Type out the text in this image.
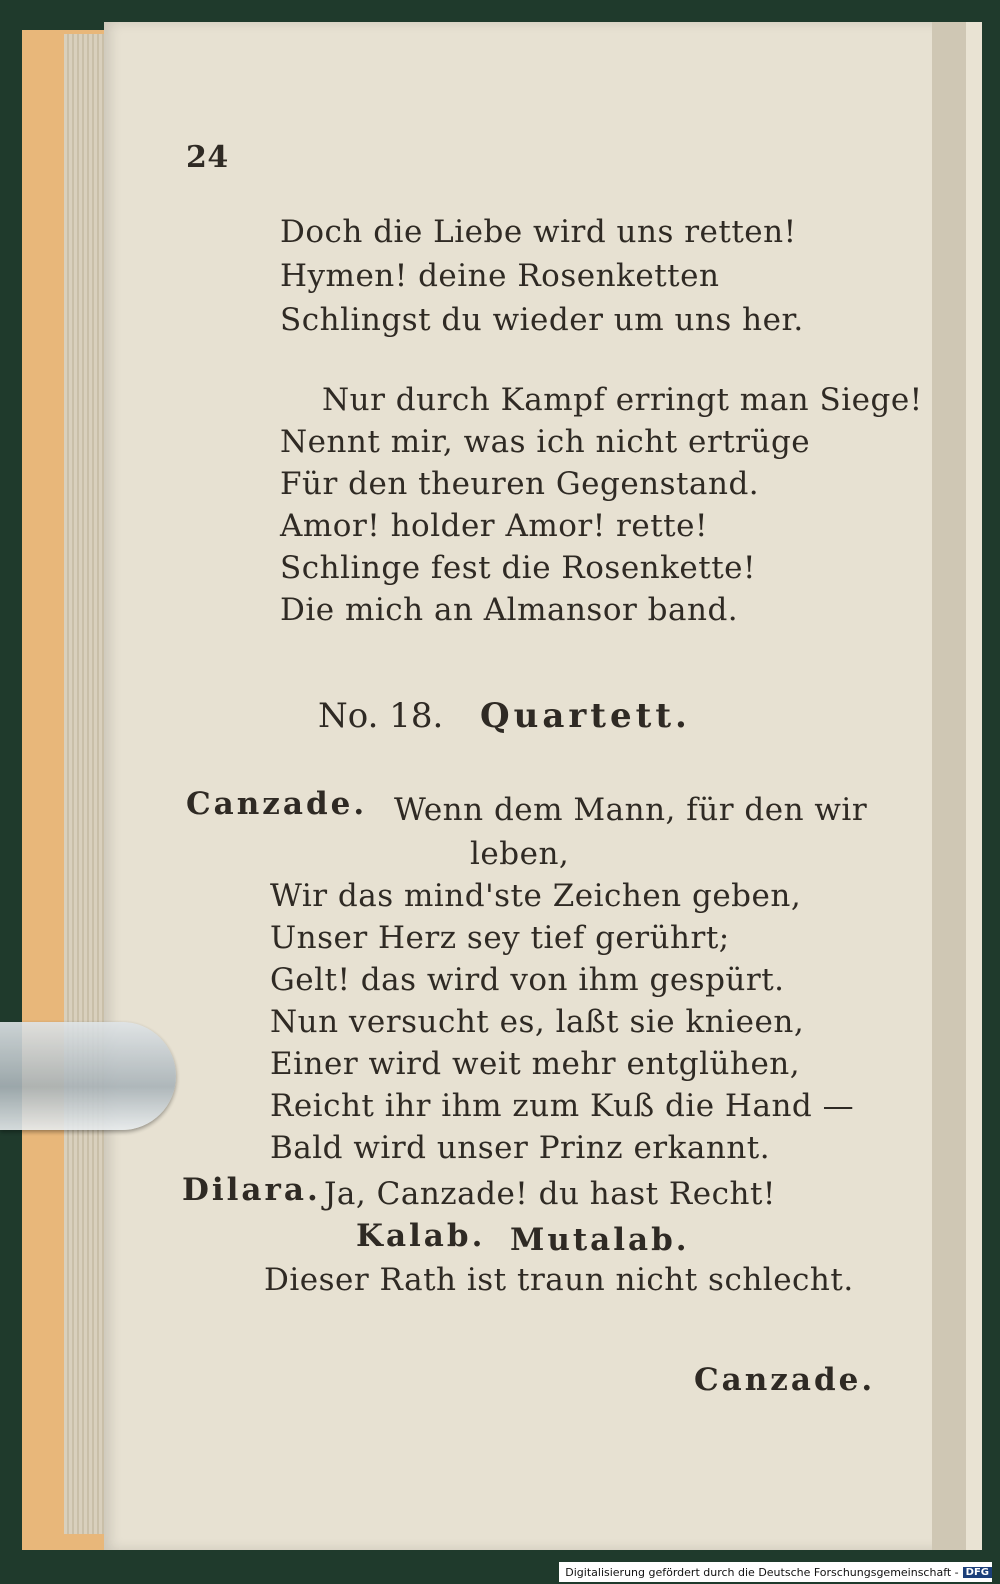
24
Doch die Liebe wird uns retten!
Hymen! deine Rosenketten
Schlingst du wieder um uns her.
Nur durch Kampf erringt man Siege!
Nennt mir, was ich nicht ertrüge
Für den theuren Gegenstand.
Amor! holder Amor! rette!
Schlinge fest die Rosenkette!
Die mich an Almansor band.
No. 18. Quartett.
Canzade. Wenn dem Mann, für den wir
leben,
Wir das mind'ste Zeichen geben,
Unser Herz sey tief gerührt;
Gelt! das wird von ihm gespürt.
Nun versucht es, laßt sie knieen,
Einer wird weit mehr entglühen,
Reicht ihr ihm zum Kuß die Hand —
Bald wird unser Prinz erkannt.
Dilara. Ja, Canzade! du hast Recht!
Kalab. Mutalab.
Dieser Rath ist traun nicht schlecht.
Canzade.
Digitalisierung gefördert durch die Deutsche Forschungsgemeinschaft - DFG
